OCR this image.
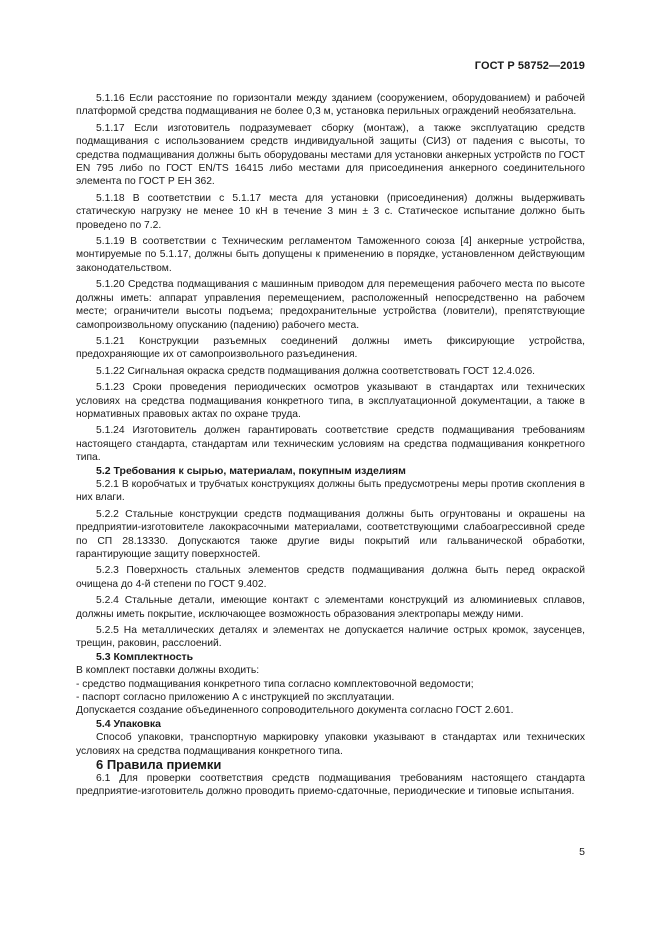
ГОСТ Р 58752—2019

5.1.16 Если расстояние по горизонтали между зданием (сооружением, оборудованием) и рабочей платформой средства подмащивания не более 0,3 м, установка перильных ограждений необязательна.

5.1.17 Если изготовитель подразумевает сборку (монтаж), а также эксплуатацию средств подмащивания с использованием средств индивидуальной защиты (СИЗ) от падения с высоты, то средства подмащивания должны быть оборудованы местами для установки анкерных устройств по ГОСТ EN 795 либо по ГОСТ EN/TS 16415 либо местами для присоединения анкерного соединительного элемента по ГОСТ Р ЕН 362.

5.1.18 В соответствии с 5.1.17 места для установки (присоединения) должны выдерживать статическую нагрузку не менее 10 кН в течение 3 мин ± 3 с. Статическое испытание должно быть проведено по 7.2.

5.1.19 В соответствии с Техническим регламентом Таможенного союза [4] анкерные устройства, монтируемые по 5.1.17, должны быть допущены к применению в порядке, установленном действующим законодательством.

5.1.20 Средства подмащивания с машинным приводом для перемещения рабочего места по высоте должны иметь: аппарат управления перемещением, расположенный непосредственно на рабочем месте; ограничители высоты подъема; предохранительные устройства (ловители), препятствующие самопроизвольному опусканию (падению) рабочего места.

5.1.21 Конструкции разъемных соединений должны иметь фиксирующие устройства, предохраняющие их от самопроизвольного разъединения.

5.1.22 Сигнальная окраска средств подмащивания должна соответствовать ГОСТ 12.4.026.

5.1.23 Сроки проведения периодических осмотров указывают в стандартах или технических условиях на средства подмащивания конкретного типа, в эксплуатационной документации, а также в нормативных правовых актах по охране труда.

5.1.24 Изготовитель должен гарантировать соответствие средств подмащивания требованиям настоящего стандарта, стандартам или техническим условиям на средства подмащивания конкретного типа.

5.2 Требования к сырью, материалам, покупным изделиям

5.2.1 В коробчатых и трубчатых конструкциях должны быть предусмотрены меры против скопления в них влаги.

5.2.2 Стальные конструкции средств подмащивания должны быть огрунтованы и окрашены на предприятии-изготовителе лакокрасочными материалами, соответствующими слабоагрессивной среде по СП 28.13330. Допускаются также другие виды покрытий или гальванической обработки, гарантирующие защиту поверхностей.

5.2.3 Поверхность стальных элементов средств подмащивания должна быть перед окраской очищена до 4-й степени по ГОСТ 9.402.

5.2.4 Стальные детали, имеющие контакт с элементами конструкций из алюминиевых сплавов, должны иметь покрытие, исключающее возможность образования электропары между ними.

5.2.5 На металлических деталях и элементах не допускается наличие острых кромок, заусенцев, трещин, раковин, расслоений.

5.3 Комплектность

В комплект поставки должны входить:

- средство подмащивания конкретного типа согласно комплектовочной ведомости;

- паспорт согласно приложению А с инструкцией по эксплуатации.

Допускается создание объединенного сопроводительного документа согласно ГОСТ 2.601.

5.4 Упаковка

Способ упаковки, транспортную маркировку упаковки указывают в стандартах или технических условиях на средства подмащивания конкретного типа.

6 Правила приемки

6.1 Для проверки соответствия средств подмащивания требованиям настоящего стандарта предприятие-изготовитель должно проводить приемо-сдаточные, периодические и типовые испытания.

5
